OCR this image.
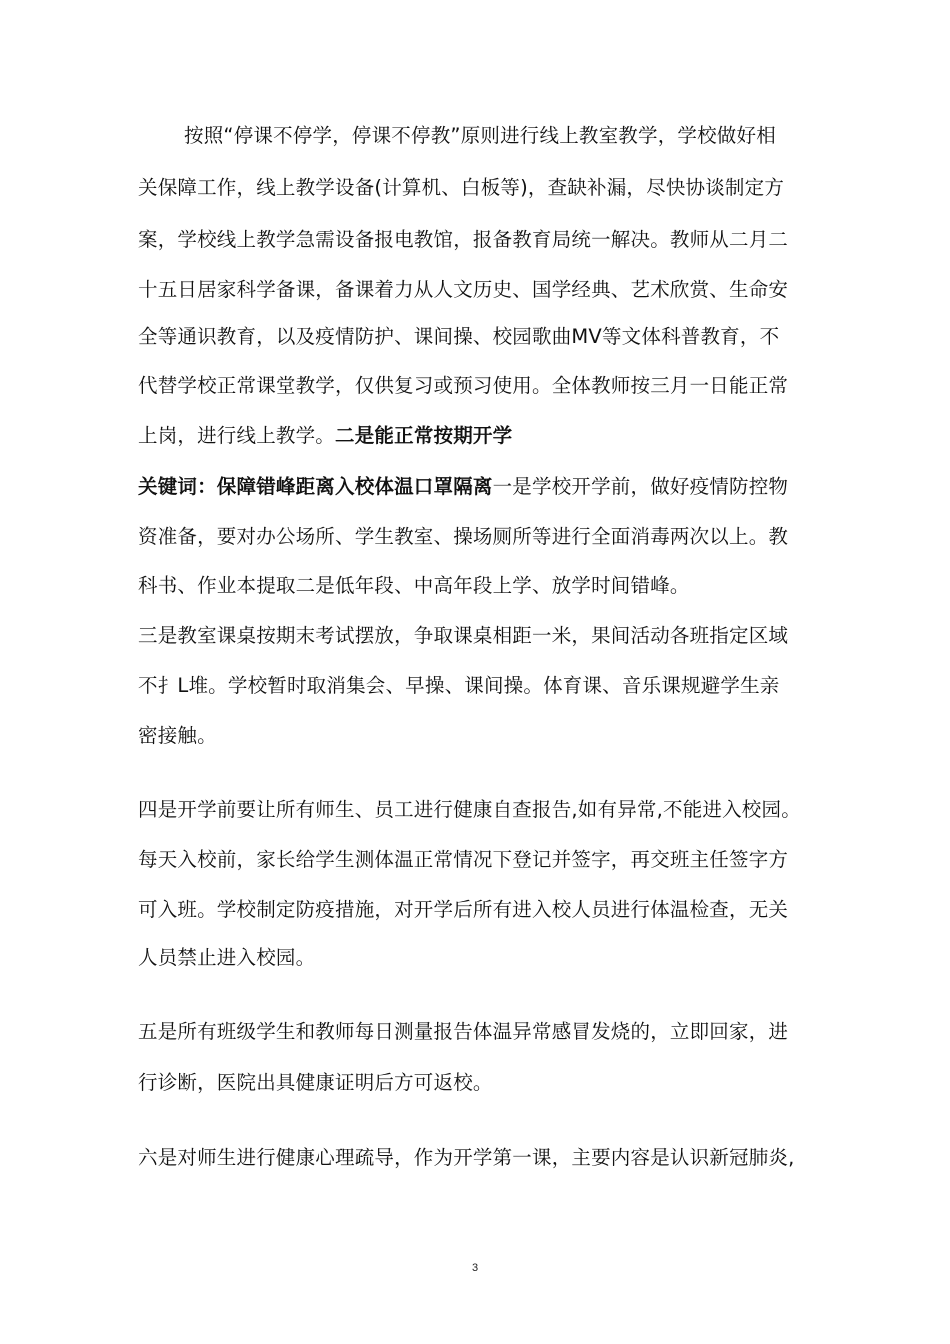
按照“停课不停学，停课不停教”原则进行线上教室教学，学校做好相
关保障工作，线上教学设备(计算机、白板等)，查缺补漏，尽快协谈制定方
案，学校线上教学急需设备报电教馆，报备教育局统一解决。教师从二月二
十五日居家科学备课，备课着力从人文历史、国学经典、艺术欣赏、生命安
全等通识教育，以及疫情防护、课间操、校园歌曲MV等文体科普教育，不
代替学校正常课堂教学，仅供复习或预习使用。全体教师按三月一日能正常
上岗，进行线上教学。二是能正常按期开学
关键词：保障错峰距离入校体温口罩隔离一是学校开学前，做好疫情防控物
资准备，要对办公场所、学生教室、操场厕所等进行全面消毒两次以上。教
科书、作业本提取二是低年段、中高年段上学、放学时间错峰。
三是教室课桌按期末考试摆放，争取课桌相距一米，果间活动各班指定区域
不扌L堆。学校暂时取消集会、早操、课间操。体育课、音乐课规避学生亲
密接触。
四是开学前要让所有师生、员工进行健康自查报告,如有异常,不能进入校园。
每天入校前，家长给学生测体温正常情况下登记并签字，再交班主任签字方
可入班。学校制定防疫措施，对开学后所有进入校人员进行体温检查，无关
人员禁止进入校园。
五是所有班级学生和教师每日测量报告体温异常感冒发烧的，立即回家，进
行诊断，医院出具健康证明后方可返校。
六是对师生进行健康心理疏导，作为开学第一课，主要内容是认识新冠肺炎,
3
